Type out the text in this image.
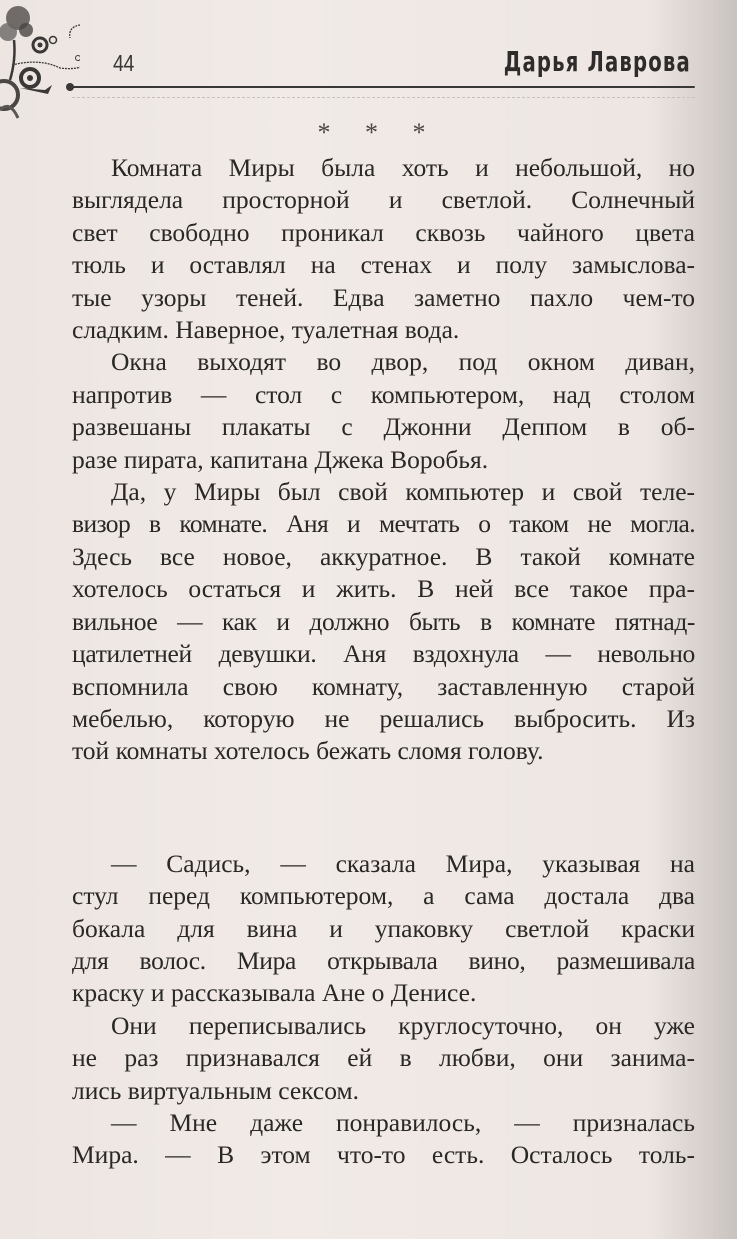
44	Дарья Лаврова
* * *

Комната Миры была хоть и небольшой, но
выглядела просторной и светлой. Солнечный
свет свободно проникал сквозь чайного цвета
тюль и оставлял на стенах и полу замыслова-
тые узоры теней. Едва заметно пахло чем-то
сладким. Наверное, туалетная вода.

Окна выходят во двор, под окном диван,
напротив — стол с компьютером, над столом
развешаны плакаты с Джонни Деппом в об-
разе пирата, капитана Джека Воробья.

Да, у Миры был свой компьютер и свой теле-
визор в комнате. Аня и мечтать о таком не могла.
Здесь все новое, аккуратное. В такой комнате
хотелось остаться и жить. В ней все такое пра-
вильное — как и должно быть в комнате пятнад-
цатилетней девушки. Аня вздохнула — невольно
вспомнила свою комнату, заставленную старой
мебелью, которую не решались выбросить. Из
той комнаты хотелось бежать сломя голову.

— Садись, — сказала Мира, указывая на
стул перед компьютером, а сама достала два
бокала для вина и упаковку светлой краски
для волос. Мира открывала вино, размешивала
краску и рассказывала Ане о Денисе.

Они переписывались круглосуточно, он уже
не раз признавался ей в любви, они занима-
лись виртуальным сексом.

— Мне даже понравилось, — призналась
Мира. — В этом что-то есть. Осталось толь-
